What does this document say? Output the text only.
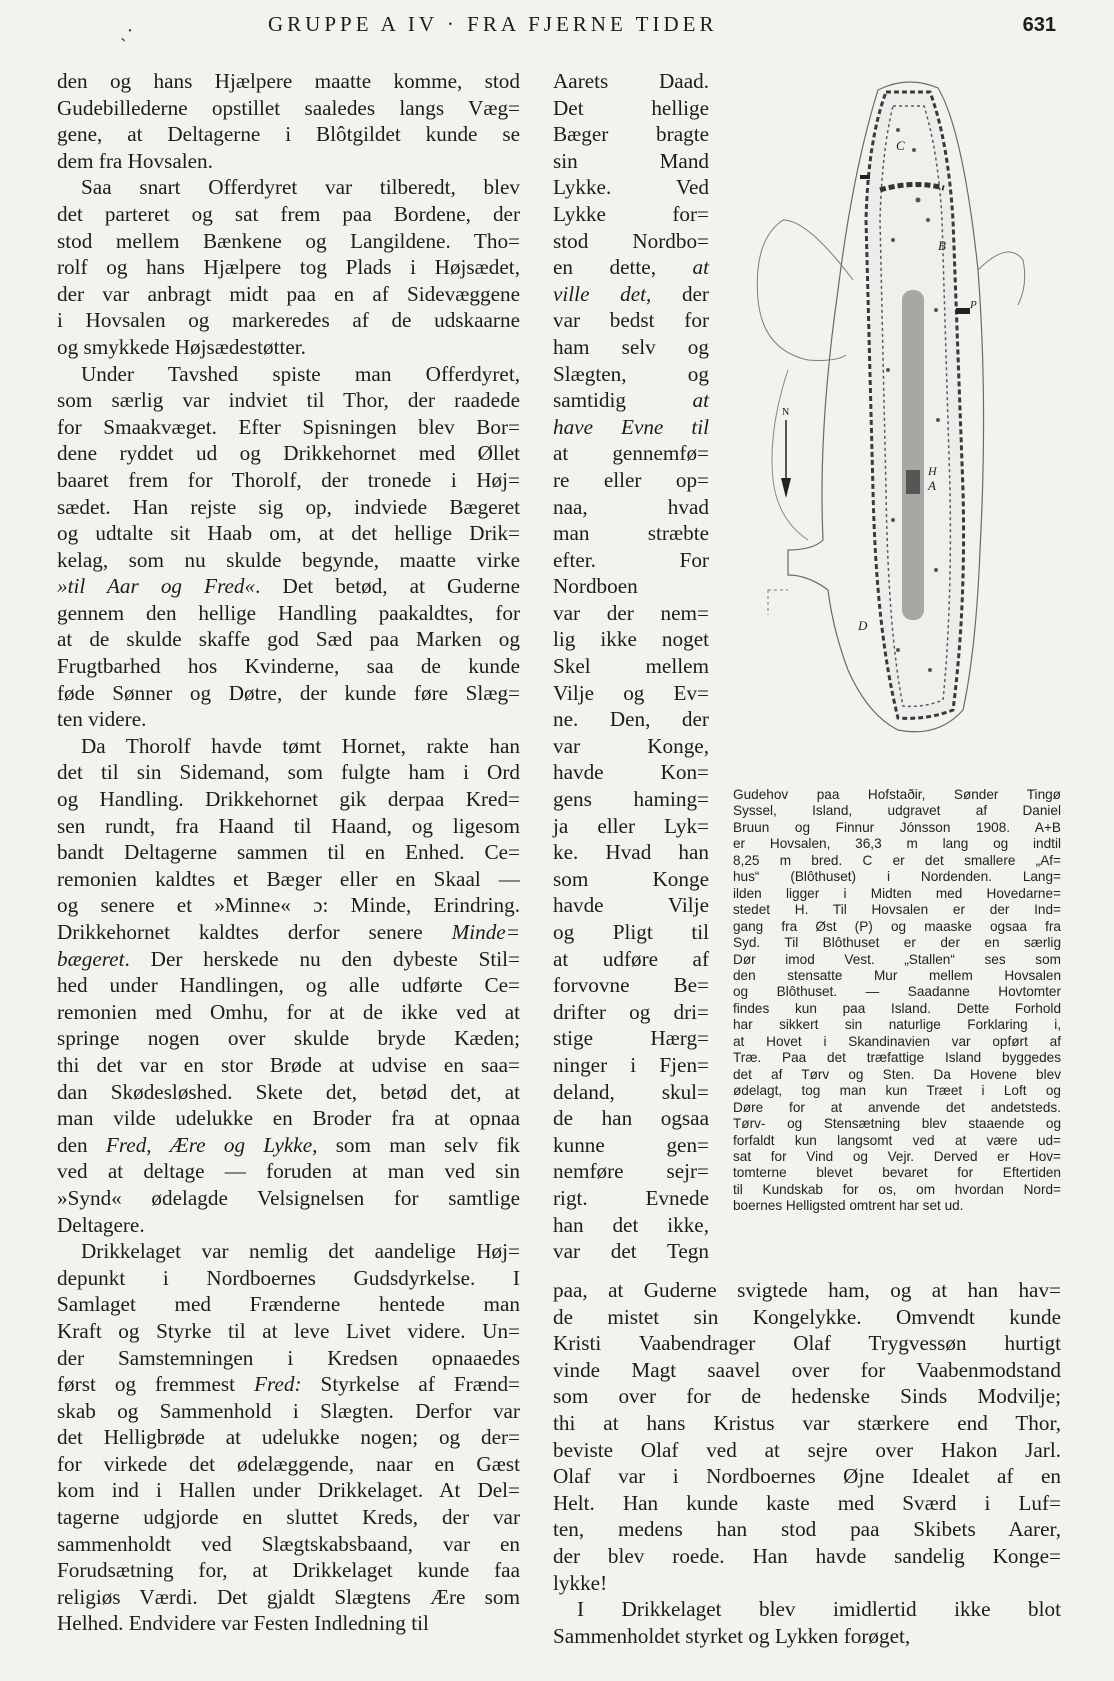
ˏ·	GRUPPE A IV · FRA FJERNE TIDER	631
den og hans Hjælpere maatte komme, stod
Gudebillederne opstillet saaledes langs Væg=
gene, at Deltagerne i Blôtgildet kunde se
dem fra Hovsalen.
Saa snart Offerdyret var tilberedt, blev
det parteret og sat frem paa Bordene, der
stod mellem Bænkene og Langildene. Tho=
rolf og hans Hjælpere tog Plads i Højsædet,
der var anbragt midt paa en af Sidevæggene
i Hovsalen og markeredes af de udskaarne
og smykkede Højsædestøtter.
Under Tavshed spiste man Offerdyret,
som særlig var indviet til Thor, der raadede
for Smaakvæget. Efter Spisningen blev Bor=
dene ryddet ud og Drikkehornet med Øllet
baaret frem for Thorolf, der tronede i Høj=
sædet. Han rejste sig op, indviede Bægeret
og udtalte sit Haab om, at det hellige Drik=
kelag, som nu skulde begynde, maatte virke
»til Aar og Fred«. Det betød, at Guderne
gennem den hellige Handling paakaldtes, for
at de skulde skaffe god Sæd paa Marken og
Frugtbarhed hos Kvinderne, saa de kunde
føde Sønner og Døtre, der kunde føre Slæg=
ten videre.
Da Thorolf havde tømt Hornet, rakte han
det til sin Sidemand, som fulgte ham i Ord
og Handling. Drikkehornet gik derpaa Kred=
sen rundt, fra Haand til Haand, og ligesom
bandt Deltagerne sammen til en Enhed. Ce=
remonien kaldtes et Bæger eller en Skaal —
og senere et »Minne« ɔ: Minde, Erindring.
Drikkehornet kaldtes derfor senere Minde=
bægeret. Der herskede nu den dybeste Stil=
hed under Handlingen, og alle udførte Ce=
remonien med Omhu, for at de ikke ved at
springe nogen over skulde bryde Kæden;
thi det var en stor Brøde at udvise en saa=
dan Skødesløshed. Skete det, betød det, at
man vilde udelukke en Broder fra at opnaa
den Fred, Ære og Lykke, som man selv fik
ved at deltage — foruden at man ved sin
»Synd« ødelagde Velsignelsen for samtlige
Deltagere.
Drikkelaget var nemlig det aandelige Høj=
depunkt i Nordboernes Gudsdyrkelse. I
Samlaget med Frænderne hentede man
Kraft og Styrke til at leve Livet videre. Un=
der Samstemningen i Kredsen opnaaedes
først og fremmest Fred: Styrkelse af Frænd=
skab og Sammenhold i Slægten. Derfor var
det Helligbrøde at udelukke nogen; og der=
for virkede det ødelæggende, naar en Gæst
kom ind i Hallen under Drikkelaget. At Del=
tagerne udgjorde en sluttet Kreds, der var
sammenholdt ved Slægtskabsbaand, var en
Forudsætning for, at Drikkelaget kunde faa
religiøs Værdi. Det gjaldt Slægtens Ære som
Helhed. Endvidere var Festen Indledning til
Aarets Daad.
Det hellige
Bæger bragte
sin Mand
Lykke. Ved
Lykke for=
stod Nordbo=
en dette, at
ville det, der
var bedst for
ham selv og
Slægten, og
samtidig at
have Evne til
at gennemfø=
re eller op=
naa, hvad
man stræbte
efter. For
Nordboen
var der nem=
lig ikke noget
Skel mellem
Vilje og Ev=
ne. Den, der
var Konge,
havde Kon=
gens haming=
ja eller Lyk=
ke. Hvad han
som Konge
havde Vilje
og Pligt til
at udføre af
forvovne Be=
drifter og dri=
stige Hærg=
ninger i Fjen=
deland, skul=
de han ogsaa
kunne gen=
nemføre sejr=
rigt. Evnede
han det ikke,
var det Tegn
paa, at Guderne svigtede ham, og at han hav=
de mistet sin Kongelykke. Omvendt kunde
Kristi Vaabendrager Olaf Trygvessøn hurtigt
vinde Magt saavel over for Vaabenmodstand
som over for de hedenske Sinds Modvilje;
thi at hans Kristus var stærkere end Thor,
beviste Olaf ved at sejre over Hakon Jarl.
Olaf var i Nordboernes Øjne Idealet af en
Helt. Han kunde kaste med Sværd i Luf=
ten, medens han stod paa Skibets Aarer,
der blev roede. Han havde sandelig Konge=
lykke!
I Drikkelaget blev imidlertid ikke blot
Sammenholdet styrket og Lykken forøget,
C
B
A
H
D
P
N
Gudehov paa Hofstaðir, Sønder Tingø
Syssel, Island, udgravet af Daniel
Bruun og Finnur Jónsson 1908. A+B
er Hovsalen, 36,3 m lang og indtil
8,25 m bred. C er det smallere „Af=
hus“ (Blôthuset) i Nordenden. Lang=
ilden ligger i Midten med Hovedarne=
stedet H. Til Hovsalen er der Ind=
gang fra Øst (P) og maaske ogsaa fra
Syd. Til Blôthuset er der en særlig
Dør imod Vest. „Stallen“ ses som
den stensatte Mur mellem Hovsalen
og Blôthuset. — Saadanne Hovtomter
findes kun paa Island. Dette Forhold
har sikkert sin naturlige Forklaring i,
at Hovet i Skandinavien var opført af
Træ. Paa det træfattige Island byggedes
det af Tørv og Sten. Da Hovene blev
ødelagt, tog man kun Træet i Loft og
Døre for at anvende det andetsteds.
Tørv- og Stensætning blev staaende og
forfaldt kun langsomt ved at være ud=
sat for Vind og Vejr. Derved er Hov=
tomterne blevet bevaret for Eftertiden
til Kundskab for os, om hvordan Nord=
boernes Helligsted omtrent har set ud.
